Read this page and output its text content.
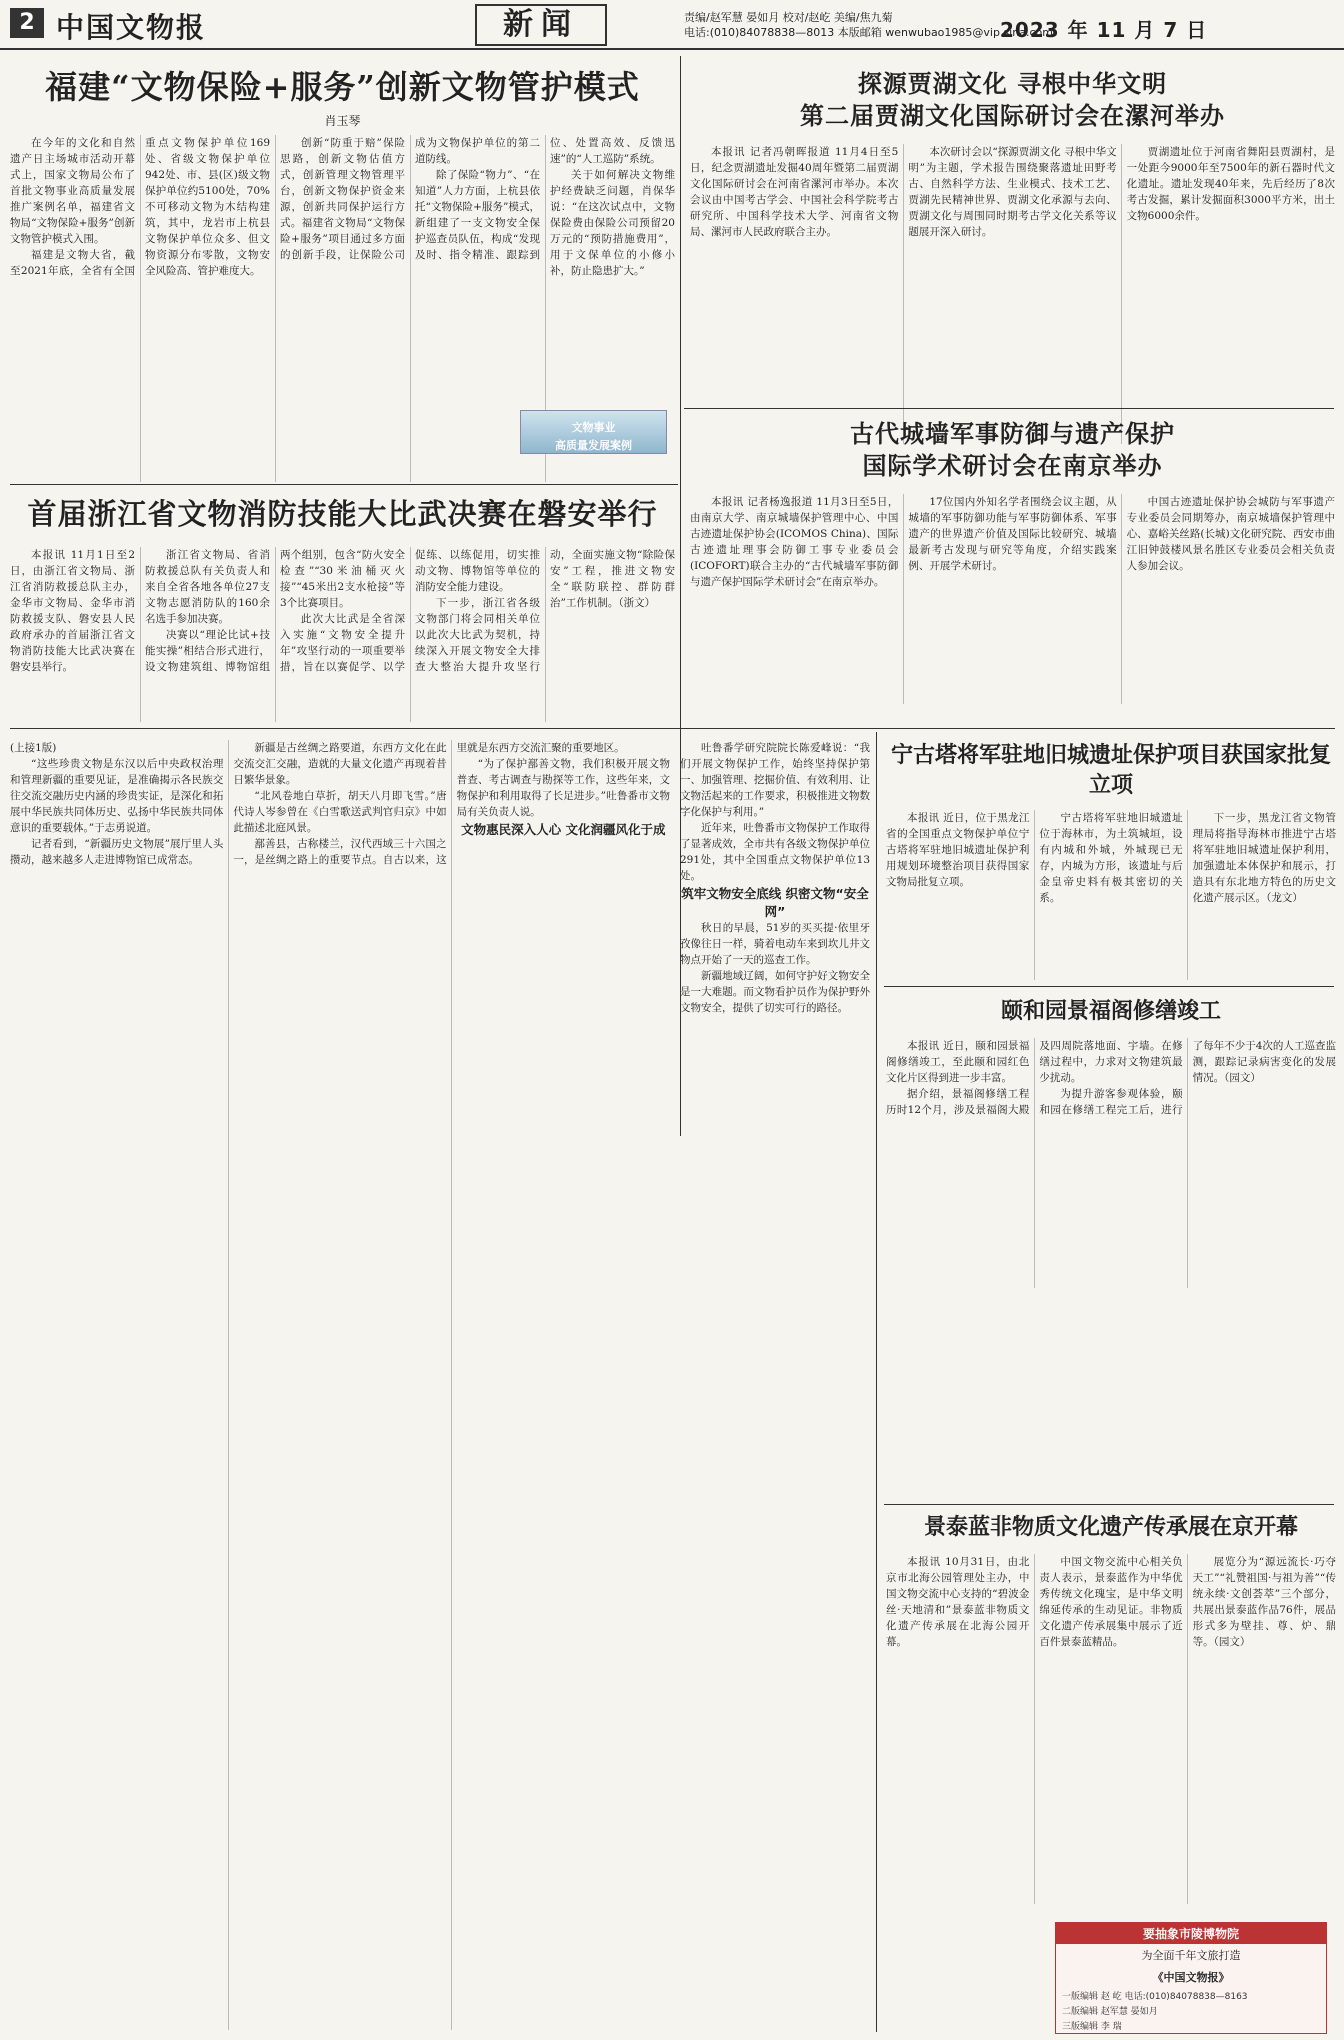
2 中国文物报	新闻	责编/赵军慧 晏如月 校对/赵屹 美编/焦九菊
电话:(010)84078838—8013 本版邮箱 wenwubao1985@vip.sina.com
2023 年 11 月 7 日
福建“文物保险+服务”创新文物管护模式
肖玉琴

在今年的文化和自然遗产日主场城市活动开幕式上，国家文物局公布了首批文物事业高质量发展推广案例名单，福建省文物局“文物保险+服务”创新文物管护模式入围。

福建是文物大省，截至2021年底，全省有全国重点文物保护单位169处、省级文物保护单位942处、市、县(区)级文物保护单位约5100处，70%不可移动文物为木结构建筑，其中，龙岩市上杭县文物保护单位众多、但文物资源分布零散，文物安全风险高、管护难度大。

创新“防重于赔”保险思路，创新文物估值方式，创新管理文物管理平台，创新文物保护资金来源，创新共同保护运行方式。福建省文物局“文物保险+服务”项目通过多方面的创新手段，让保险公司成为文物保护单位的第二道防线。

除了保险“物力”、“在知道”人力方面，上杭县依托“文物保险+服务”模式，新组建了一支文物安全保护巡查员队伍，构成“发现及时、指令精准、跟踪到位、处置高效、反馈迅速”的“人工巡防”系统。

关于如何解决文物维护经费缺乏问题，肖保华说：“在这次试点中，文物保险费由保险公司预留20万元的“预防措施费用”，用于文保单位的小修小补，防止隐患扩大。”

文物事业
高质量发展案例
探源贾湖文化 寻根中华文明
第二届贾湖文化国际研讨会在漯河举办

本报讯 记者冯朝晖报道 11月4日至5日，纪念贾湖遗址发掘40周年暨第二届贾湖文化国际研讨会在河南省漯河市举办。本次会议由中国考古学会、中国社会科学院考古研究所、中国科学技术大学、河南省文物局、漯河市人民政府联合主办。

本次研讨会以“探源贾湖文化 寻根中华文明”为主题，学术报告围绕聚落遗址田野考古、自然科学方法、生业模式、技术工艺、贾湖先民精神世界、贾湖文化承源与去向、贾湖文化与周围同时期考古学文化关系等议题展开深入研讨。

贾湖遗址位于河南省舞阳县贾湖村，是一处距今9000年至7500年的新石器时代文化遗址。遗址发现40年来，先后经历了8次考古发掘，累计发掘面积3000平方米，出土文物6000余件。

首届浙江省文物消防技能大比武决赛在磐安举行

本报讯 11月1日至2日，由浙江省文物局、浙江省消防救援总队主办，金华市文物局、金华市消防救援支队、磐安县人民政府承办的首届浙江省文物消防技能大比武决赛在磐安县举行。

浙江省文物局、省消防救援总队有关负责人和来自全省各地各单位27支文物志愿消防队的160余名选手参加决赛。

决赛以“理论比试+技能实操”相结合形式进行，设文物建筑组、博物馆组两个组别，包含“防火安全检查”“30米油桶灭火接”“45米出2支水枪接”等3个比赛项目。

此次大比武是全省深入实施“文物安全提升年”攻坚行动的一项重要举措，旨在以赛促学、以学促练、以练促用，切实推动文物、博物馆等单位的消防安全能力建设。

下一步，浙江省各级文物部门将会同相关单位以此次大比武为契机，持续深入开展文物安全大排查大整治大提升攻坚行动，全面实施文物“除险保安”工程，推进文物安全“联防联控、群防群治”工作机制。（浙文）

古代城墙军事防御与遗产保护
国际学术研讨会在南京举办

本报讯 记者杨逸报道 11月3日至5日，由南京大学、南京城墙保护管理中心、中国古迹遗址保护协会(ICOMOS China)、国际古迹遗址理事会防御工事专业委员会(ICOFORT)联合主办的“古代城墙军事防御与遗产保护国际学术研讨会”在南京举办。

17位国内外知名学者围绕会议主题，从城墙的军事防御功能与军事防御体系、军事遗产的世界遗产价值及国际比较研究、城墙最新考古发现与研究等角度，介绍实践案例、开展学术研讨。

中国古迹遗址保护协会城防与军事遗产专业委员会同期筹办，南京城墙保护管理中心、嘉峪关丝路(长城)文化研究院、西安市曲江旧钟鼓楼风景名胜区专业委员会相关负责人参加会议。

(上接1版)

“这些珍贵文物是东汉以后中央政权治理和管理新疆的重要见证，是准确揭示各民族交往交流交融历史内涵的珍贵实证，是深化和拓展中华民族共同体历史、弘扬中华民族共同体意识的重要载体。”于志勇说道。

记者看到，“新疆历史文物展”展厅里人头攒动，越来越多人走进博物馆已成常态。

新疆是古丝绸之路要道，东西方文化在此交流交汇交融，造就的大量文化遗产再现着昔日繁华景象。

“北风卷地白草折，胡天八月即飞雪。”唐代诗人岑参曾在《白雪歌送武判官归京》中如此描述北庭风景。

鄯善县，古称楼兰，汉代西域三十六国之一，是丝绸之路上的重要节点。自古以来，这里就是东西方交流汇聚的重要地区。

“为了保护鄯善文物，我们积极开展文物普查、考古调查与勘探等工作，这些年来，文物保护和利用取得了长足进步。”吐鲁番市文物局有关负责人说。

文物惠民深入人心 文化润疆风化于成

吐鲁番学研究院院长陈爱峰说：“我们开展文物保护工作，始终坚持保护第一、加强管理、挖掘价值、有效利用、让文物活起来的工作要求，积极推进文物数字化保护与利用。”

近年来，吐鲁番市文物保护工作取得了显著成效，全市共有各级文物保护单位291处，其中全国重点文物保护单位13处。

筑牢文物安全底线 织密文物“安全网”

秋日的早晨，51岁的买买提·依里牙孜像往日一样，骑着电动车来到坎儿井文物点开始了一天的巡查工作。

新疆地域辽阔，如何守护好文物安全是一大难题。而文物看护员作为保护野外文物安全，提供了切实可行的路径。

宁古塔将军驻地旧城遗址保护项目获国家批复立项

本报讯 近日，位于黑龙江省的全国重点文物保护单位宁古塔将军驻地旧城遗址保护利用规划环境整治项目获得国家文物局批复立项。

宁古塔将军驻地旧城遗址位于海林市，为土筑城垣，设有内城和外城，外城现已无存，内城为方形，该遗址与后金皇帝史料有极其密切的关系。

下一步，黑龙江省文物管理局将指导海林市推进宁古塔将军驻地旧城遗址保护利用，加强遗址本体保护和展示，打造具有东北地方特色的历史文化遗产展示区。（龙文）

颐和园景福阁修缮竣工

本报讯 近日，颐和园景福阁修缮竣工，至此颐和园红色文化片区得到进一步丰富。

据介绍，景福阁修缮工程历时12个月，涉及景福阁大殿及四周院落地面、宇墙。在修缮过程中，力求对文物建筑最少扰动。

为提升游客参观体验，颐和园在修缮工程完工后，进行了每年不少于4次的人工巡查监测，跟踪记录病害变化的发展情况。（园文）

景泰蓝非物质文化遗产传承展在京开幕

本报讯 10月31日，由北京市北海公园管理处主办，中国文物交流中心支持的“碧波金丝·天地清和”景泰蓝非物质文化遗产传承展在北海公园开幕。

中国文物交流中心相关负责人表示，景泰蓝作为中华优秀传统文化瑰宝，是中华文明绵延传承的生动见证。非物质文化遗产传承展集中展示了近百件景泰蓝精品。

展览分为“源远流长·巧夺天工”“礼赞祖国·与祖为善”“传统永续·文创荟萃”三个部分，共展出景泰蓝作品76件，展品形式多为壁挂、尊、炉、鼎等。（园文）

要抽象市陵博物院
为全面千年文旅打造
《中国文物报》
一版编辑 赵 屹 电话:(010)84078838—8163
二版编辑 赵军慧 晏如月
三版编辑 李 瑞
